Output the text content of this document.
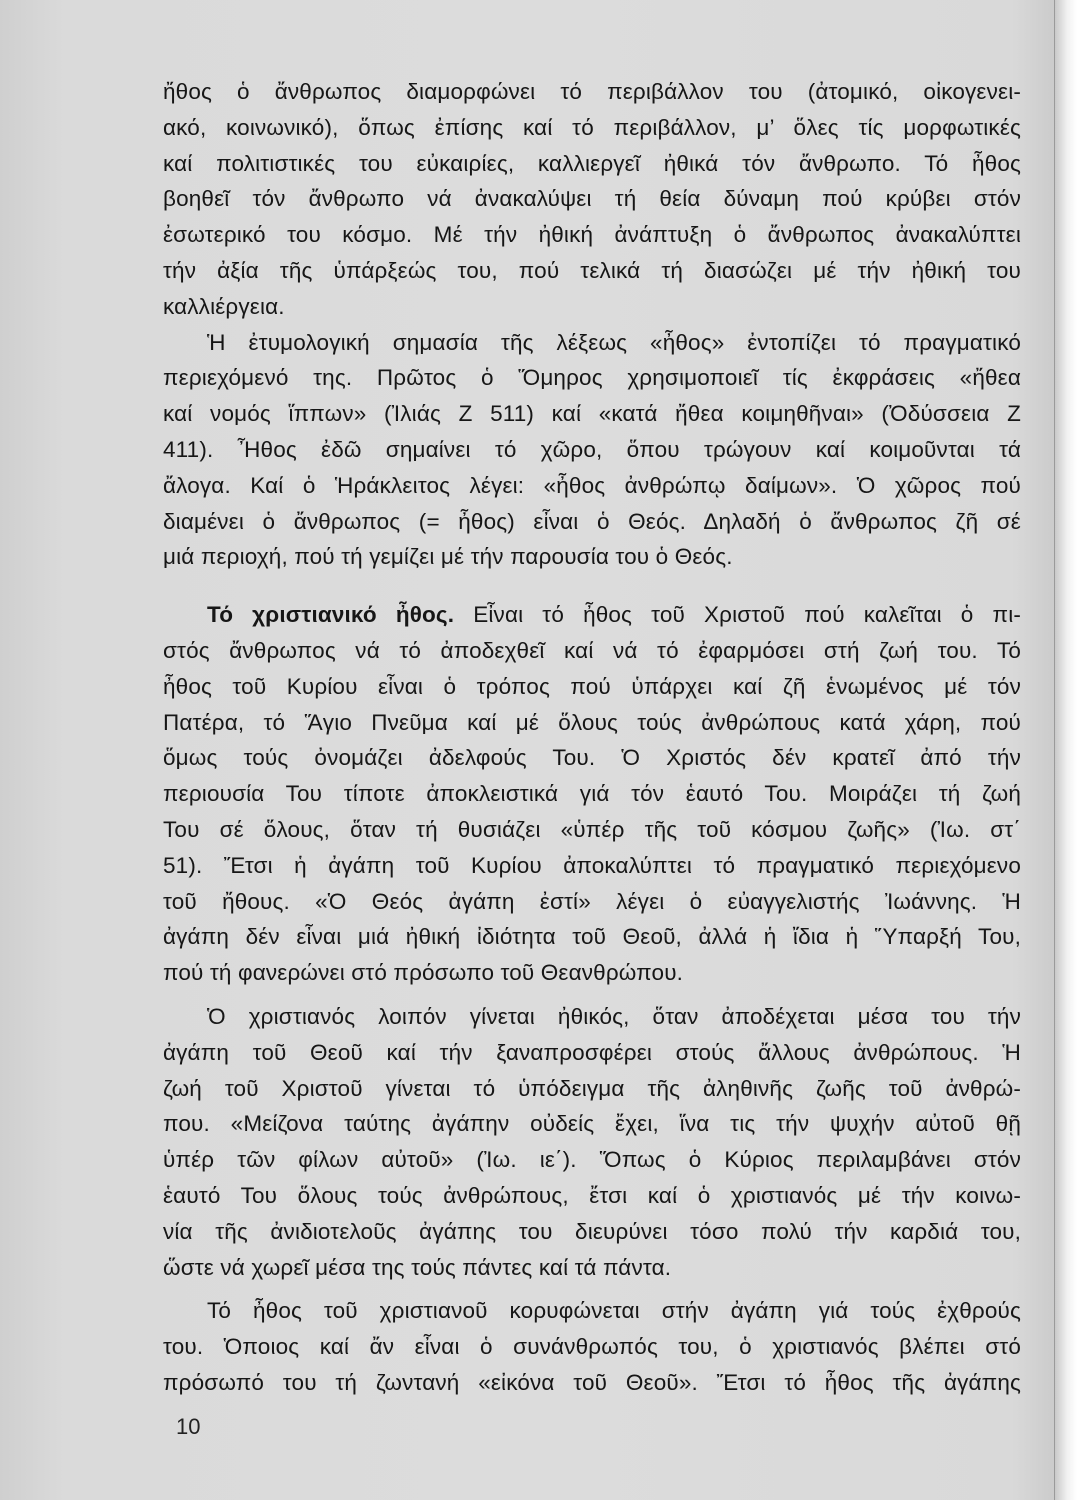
ἤθος ὁ ἄνθρωπος διαμορφώνει τό περιβάλλον του (ἀτομικό, οἰκογενει-
ακό, κοινωνικό), ὅπως ἐπίσης καί τό περιβάλλον, μ’ ὅλες τίς μορφωτικές
καί πολιτιστικές του εὐκαιρίες, καλλιεργεῖ ἠθικά τόν ἄνθρωπο. Τό ἦθος
βοηθεῖ τόν ἄνθρωπο νά ἀνακαλύψει τή θεία δύναμη πού κρύβει στόν
ἐσωτερικό του κόσμο. Μέ τήν ἠθική ἀνάπτυξη ὁ ἄνθρωπος ἀνακαλύπτει
τήν ἀξία τῆς ὑπάρξεώς του, πού τελικά τή διασώζει μέ τήν ἠθική του
καλλιέργεια.
Ἡ ἐτυμολογική σημασία τῆς λέξεως «ἦθος» ἐντοπίζει τό πραγματικό
περιεχόμενό της. Πρῶτος ὁ Ὅμηρος χρησιμοποιεῖ τίς ἐκφράσεις «ἤθεα
καί νομός ἵππων» (Ἰλιάς Ζ 511) καί «κατά ἤθεα κοιμηθῆναι» (Ὀδύσσεια Ζ
411). Ἦθος ἐδῶ σημαίνει τό χῶρο, ὅπου τρώγουν καί κοιμοῦνται τά
ἄλογα. Καί ὁ Ἡράκλειτος λέγει: «ἦθος ἀνθρώπῳ δαίμων». Ὁ χῶρος πού
διαμένει ὁ ἄνθρωπος (= ἦθος) εἶναι ὁ Θεός. Δηλαδή ὁ ἄνθρωπος ζῆ σέ
μιά περιοχή, πού τή γεμίζει μέ τήν παρουσία του ὁ Θεός.
Τό χριστιανικό ἦθος. Εἶναι τό ἦθος τοῦ Χριστοῦ πού καλεῖται ὁ πι-
στός ἄνθρωπος νά τό ἀποδεχθεῖ καί νά τό ἐφαρμόσει στή ζωή του. Τό
ἦθος τοῦ Κυρίου εἶναι ὁ τρόπος πού ὑπάρχει καί ζῆ ἑνωμένος μέ τόν
Πατέρα, τό Ἅγιο Πνεῦμα καί μέ ὅλους τούς ἀνθρώπους κατά χάρη, πού
ὅμως τούς ὀνομάζει ἀδελφούς Του. Ὁ Χριστός δέν κρατεῖ ἀπό τήν
περιουσία Του τίποτε ἀποκλειστικά γιά τόν ἑαυτό Του. Μοιράζει τή ζωή
Του σέ ὅλους, ὅταν τή θυσιάζει «ὑπέρ τῆς τοῦ κόσμου ζωῆς» (Ἰω. στ΄
51). Ἔτσι ἡ ἀγάπη τοῦ Κυρίου ἀποκαλύπτει τό πραγματικό περιεχόμενο
τοῦ ἤθους. «Ὁ Θεός ἀγάπη ἐστί» λέγει ὁ εὐαγγελιστής Ἰωάννης. Ἡ
ἀγάπη δέν εἶναι μιά ἠθική ἰδιότητα τοῦ Θεοῦ, ἀλλά ἡ ἴδια ἡ Ὕπαρξή Του,
πού τή φανερώνει στό πρόσωπο τοῦ Θεανθρώπου.
Ὁ χριστιανός λοιπόν γίνεται ἠθικός, ὅταν ἀποδέχεται μέσα του τήν
ἀγάπη τοῦ Θεοῦ καί τήν ξαναπροσφέρει στούς ἄλλους ἀνθρώπους. Ἡ
ζωή τοῦ Χριστοῦ γίνεται τό ὑπόδειγμα τῆς ἀληθινῆς ζωῆς τοῦ ἀνθρώ-
που. «Μείζονα ταύτης ἀγάπην οὐδείς ἔχει, ἵνα τις τήν ψυχήν αὐτοῦ θῇ
ὑπέρ τῶν φίλων αὐτοῦ» (Ἰω. ιε΄). Ὅπως ὁ Κύριος περιλαμβάνει στόν
ἑαυτό Του ὅλους τούς ἀνθρώπους, ἔτσι καί ὁ χριστιανός μέ τήν κοινω-
νία τῆς ἀνιδιοτελοῦς ἀγάπης του διευρύνει τόσο πολύ τήν καρδιά του,
ὥστε νά χωρεῖ μέσα της τούς πάντες καί τά πάντα.
Τό ἦθος τοῦ χριστιανοῦ κορυφώνεται στήν ἀγάπη γιά τούς ἐχθρούς
του. Ὁποιος καί ἄν εἶναι ὁ συνάνθρωπός του, ὁ χριστιανός βλέπει στό
πρόσωπό του τή ζωντανή «εἰκόνα τοῦ Θεοῦ». Ἔτσι τό ἦθος τῆς ἀγάπης
10
